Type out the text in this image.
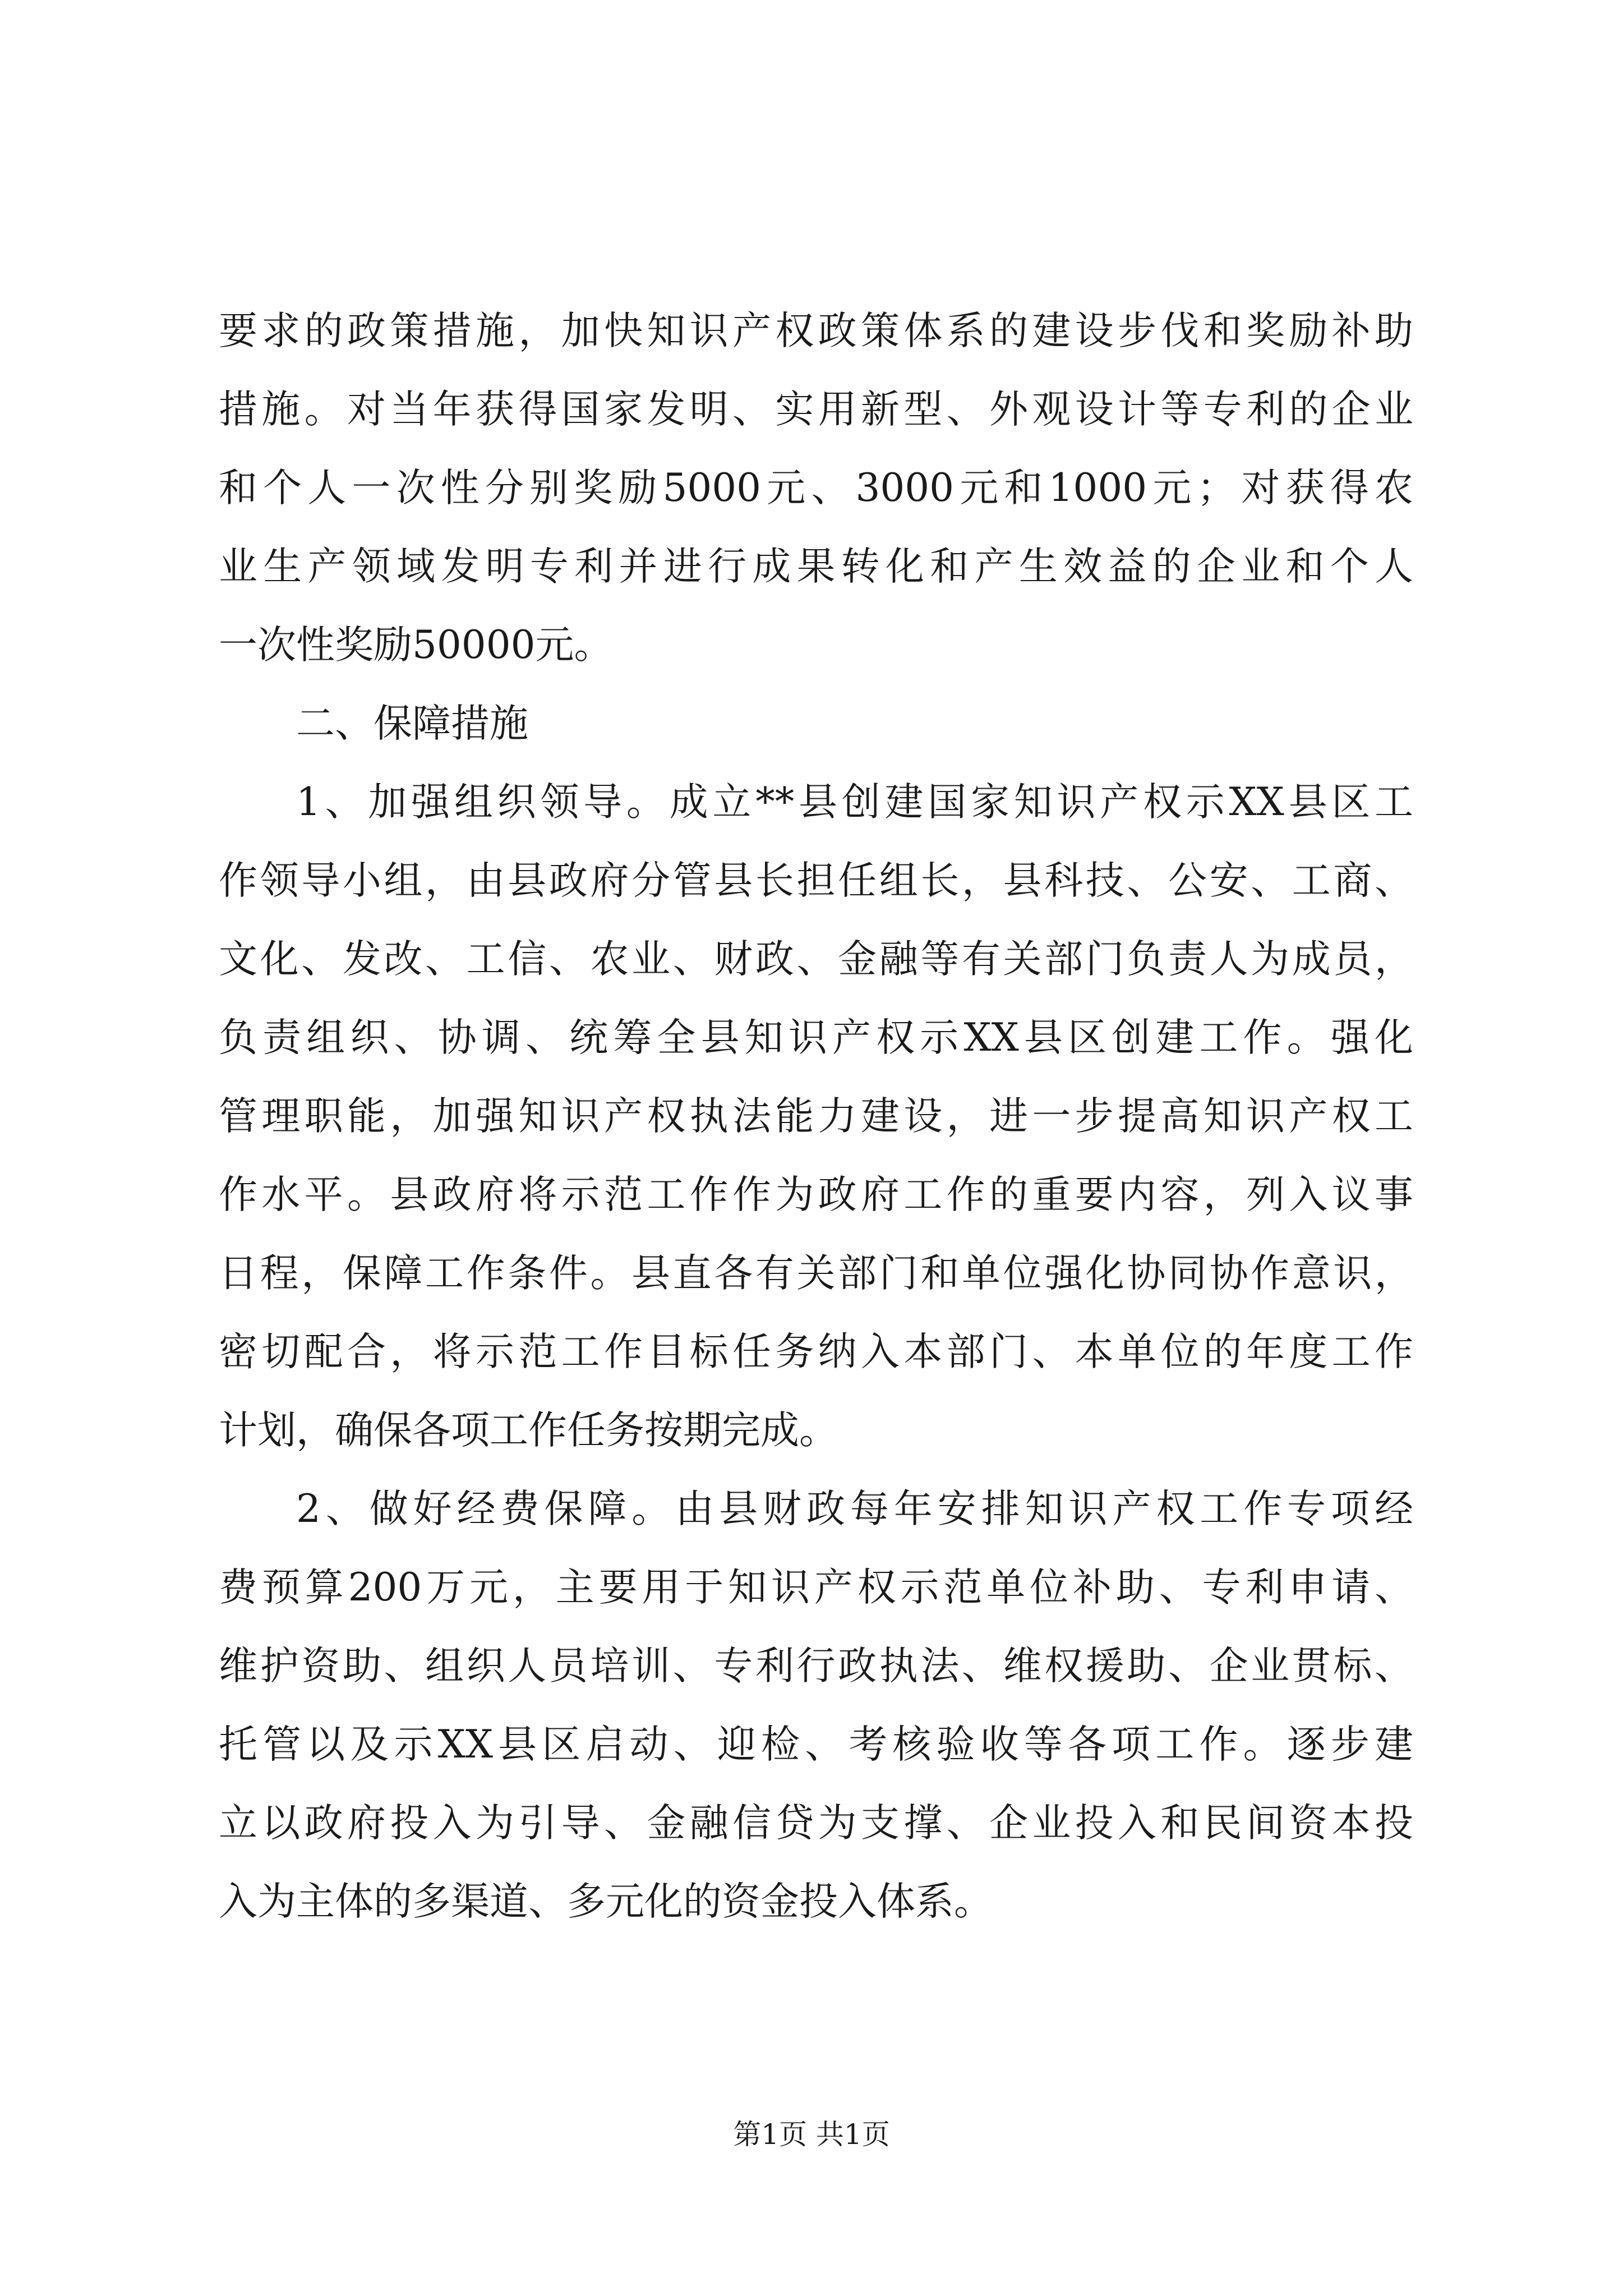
要求的政策措施，加快知识产权政策体系的建设步伐和奖励补助
措施。对当年获得国家发明、实用新型、外观设计等专利的企业
和个人一次性分别奖励5000元、3000元和1000元；对获得农
业生产领域发明专利并进行成果转化和产生效益的企业和个人
一次性奖励50000元。
二、保障措施
1、加强组织领导。成立**县创建国家知识产权示XX县区工
作领导小组，由县政府分管县长担任组长，县科技、公安、工商、
文化、发改、工信、农业、财政、金融等有关部门负责人为成员，
负责组织、协调、统筹全县知识产权示XX县区创建工作。强化
管理职能，加强知识产权执法能力建设，进一步提高知识产权工
作水平。县政府将示范工作作为政府工作的重要内容，列入议事
日程，保障工作条件。县直各有关部门和单位强化协同协作意识，
密切配合，将示范工作目标任务纳入本部门、本单位的年度工作
计划，确保各项工作任务按期完成。
2、做好经费保障。由县财政每年安排知识产权工作专项经
费预算200万元，主要用于知识产权示范单位补助、专利申请、
维护资助、组织人员培训、专利行政执法、维权援助、企业贯标、
托管以及示XX县区启动、迎检、考核验收等各项工作。逐步建
立以政府投入为引导、金融信贷为支撑、企业投入和民间资本投
入为主体的多渠道、多元化的资金投入体系。
第1页 共1页
